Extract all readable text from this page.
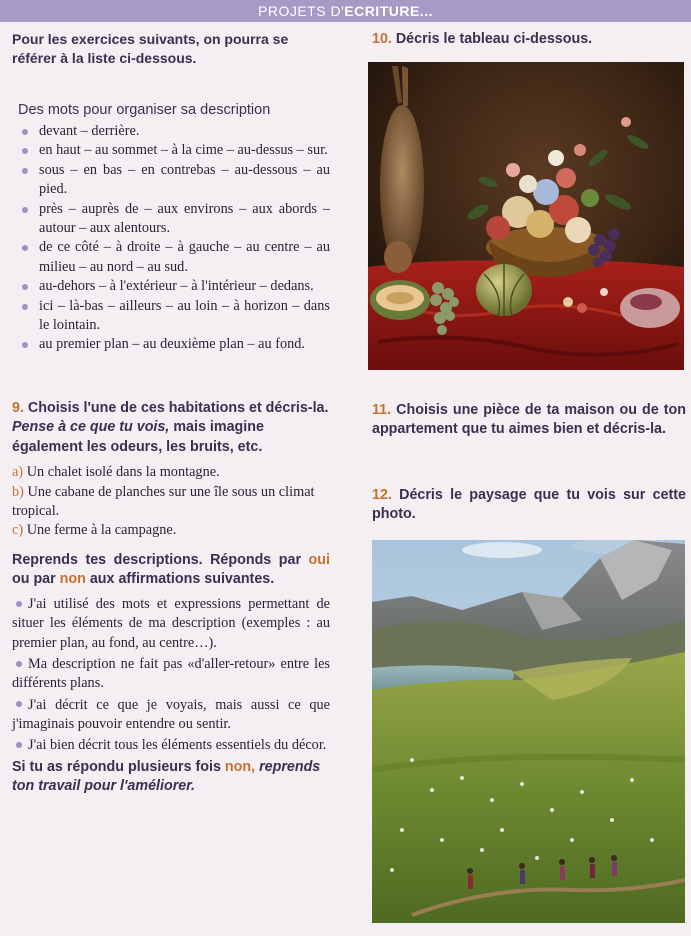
PROJETS D'ECRITURE...

Pour les exercices suivants, on pourra se référer à la liste ci-dessous.

Des mots pour organiser sa description
devant – derrière.
en haut – au sommet – à la cime – au-dessus – sur.
sous – en bas – en contrebas – au-dessous – au pied.
près – auprès de – aux environs – aux abords – autour – aux alentours.
de ce côté – à droite – à gauche – au centre – au milieu – au nord – au sud.
au-dehors – à l'extérieur – à l'intérieur – dedans.
ici – là-bas – ailleurs – au loin – à horizon – dans le lointain.
au premier plan – au deuxième plan – au fond.

9. Choisis l'une de ces habitations et décris-la. Pense à ce que tu vois, mais imagine également les odeurs, les bruits, etc.

a) Un chalet isolé dans la montagne.
b) Une cabane de planches sur une île sous un climat tropical.
c) Une ferme à la campagne.

Reprends tes descriptions. Réponds par oui ou par non aux affirmations suivantes.

J'ai utilisé des mots et expressions permettant de situer les éléments de ma description (exemples : au premier plan, au fond, au centre…).

Ma description ne fait pas «d'aller-retour» entre les différents plans.

J'ai décrit ce que je voyais, mais aussi ce que j'imaginais pouvoir entendre ou sentir.

J'ai bien décrit tous les éléments essentiels du décor.

Si tu as répondu plusieurs fois non, reprends ton travail pour l'améliorer.

10. Décris le tableau ci-dessous.

11. Choisis une pièce de ta maison ou de ton appartement que tu aimes bien et décris-la.
12. Décris le paysage que tu vois sur cette photo.
